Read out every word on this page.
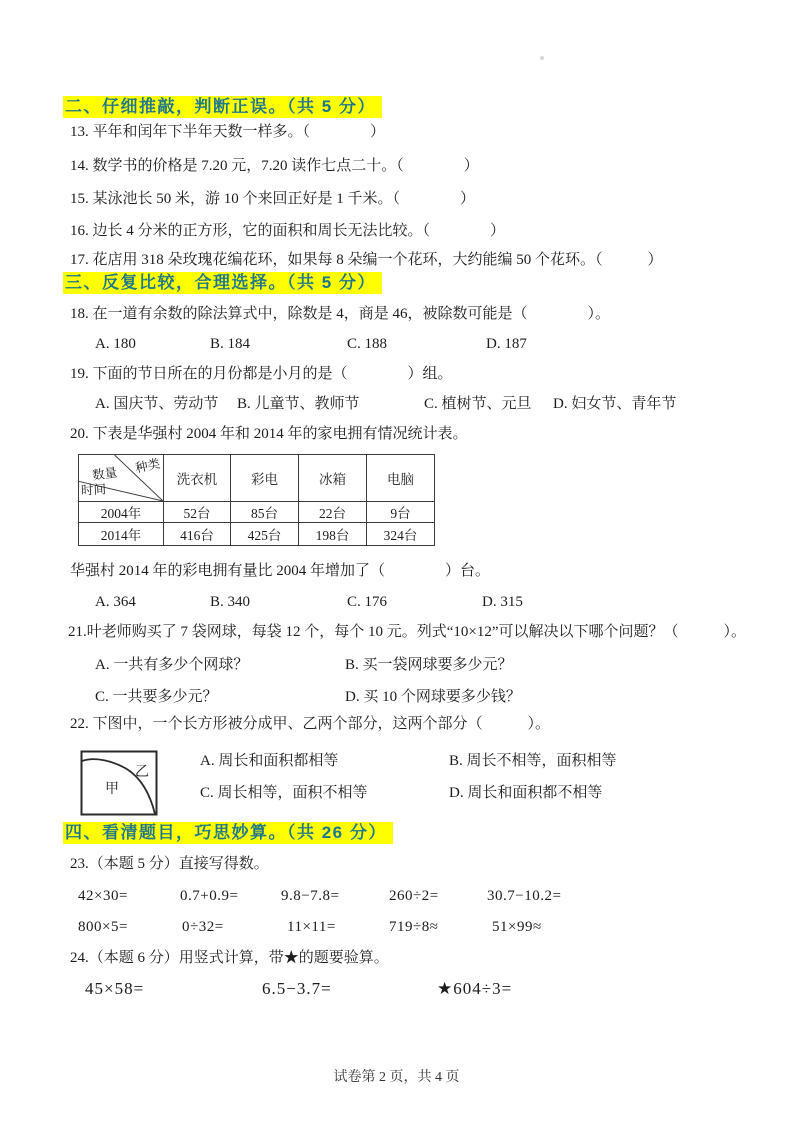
二、仔细推敲，判断正误。（共 5 分）
13. 平年和闰年下半年天数一样多。（　　　　）
14. 数学书的价格是 7.20 元，7.20 读作七点二十。（　　　　）
15. 某泳池长 50 米，游 10 个来回正好是 1 千米。（　　　　）
16. 边长 4 分米的正方形，它的面积和周长无法比较。（　　　　）
17. 花店用 318 朵玫瑰花编花环，如果每 8 朵编一个花环，大约能编 50 个花环。（　　　）
三、反复比较，合理选择。（共 5 分）
18. 在一道有余数的除法算式中，除数是 4，商是 46，被除数可能是（　　　　）。
A. 180	B. 184	C. 188	D. 187
19. 下面的节日所在的月份都是小月的是（　　　　）组。
A. 国庆节、劳动节 B. 儿童节、教师节	C. 植树节、元旦 D. 妇女节、青年节
20. 下表是华强村 2004 年和 2014 年的家电拥有情况统计表。
数量 种类
时间	洗衣机	彩电	冰箱	电脑
2004年	52台	85台	22台	9台
2014年	416台	425台	198台	324台
华强村 2014 年的彩电拥有量比 2004 年增加了（　　　　）台。
A. 364	B. 340	C. 176	D. 315
21.叶老师购买了 7 袋网球，每袋 12 个，每个 10 元。列式“10×12”可以解决以下哪个问题？（　　　）。
A. 一共有多少个网球？	B. 买一袋网球要多少元？
C. 一共要多少元？	D. 买 10 个网球要多少钱？
22. 下图中，一个长方形被分成甲、乙两个部分，这两个部分（　　　）。
甲
乙
A. 周长和面积都相等	B. 周长不相等，面积相等
C. 周长相等，面积不相等	D. 周长和面积都不相等
四、看清题目，巧思妙算。（共 26 分）
23.（本题 5 分）直接写得数。
42×30=	0.7+0.9=	9.8−7.8=	260÷2=	30.7−10.2=
800×5=	0÷32=	11×11=	719÷8≈	51×99≈
24.（本题 6 分）用竖式计算，带★的题要验算。
45×58=	6.5−3.7=	★604÷3=
试卷第 2 页，共 4 页
